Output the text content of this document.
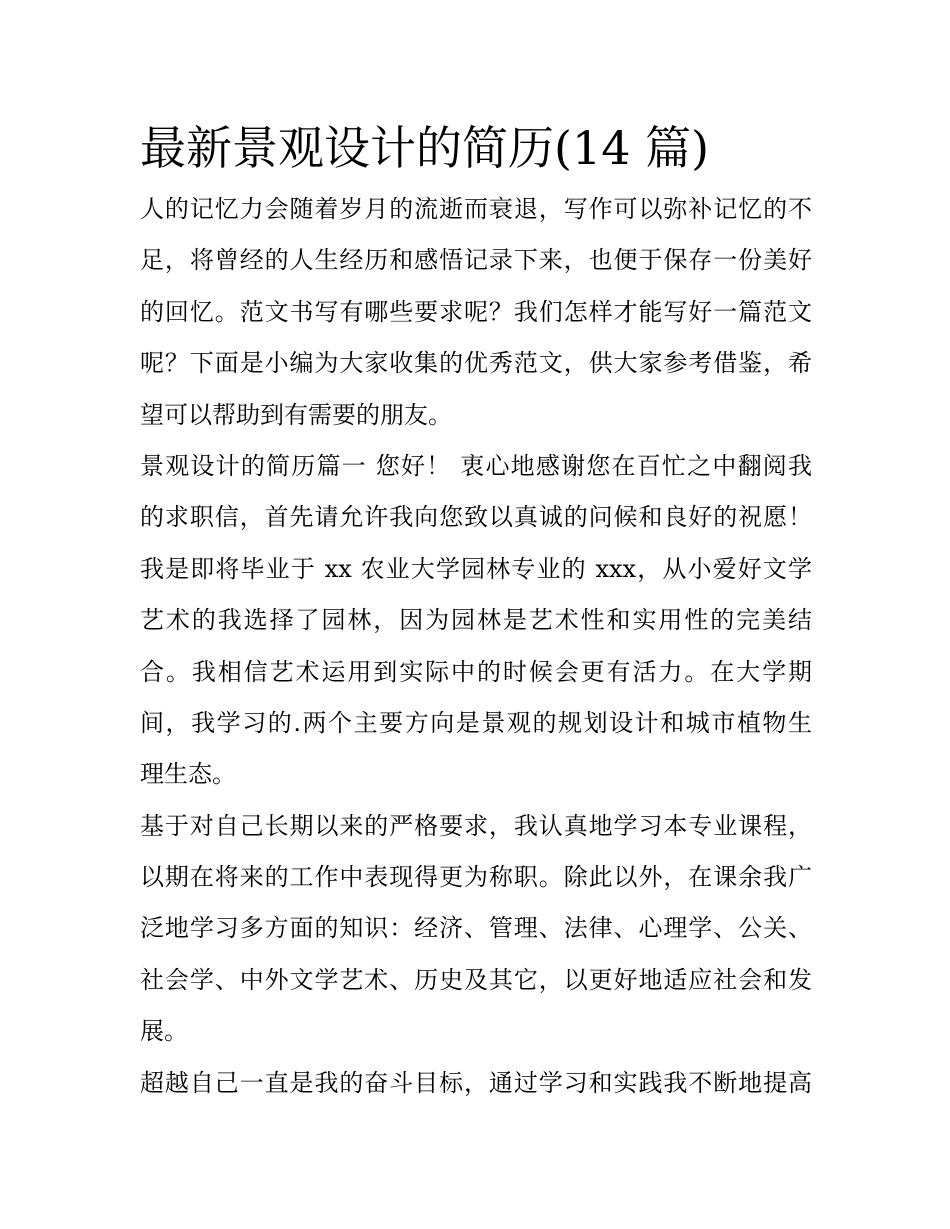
最新景观设计的简历(14 篇)
人的记忆力会随着岁月的流逝而衰退，写作可以弥补记忆的不
足，将曾经的人生经历和感悟记录下来，也便于保存一份美好
的回忆。范文书写有哪些要求呢？我们怎样才能写好一篇范文
呢？下面是小编为大家收集的优秀范文，供大家参考借鉴，希
望可以帮助到有需要的朋友。
景观设计的简历篇一 您好！ 衷心地感谢您在百忙之中翻阅我
的求职信，首先请允许我向您致以真诚的问候和良好的祝愿！
我是即将毕业于 xx 农业大学园林专业的 xxx，从小爱好文学
艺术的我选择了园林，因为园林是艺术性和实用性的完美结
合。我相信艺术运用到实际中的时候会更有活力。在大学期
间，我学习的.两个主要方向是景观的规划设计和城市植物生
理生态。
基于对自己长期以来的严格要求，我认真地学习本专业课程，
以期在将来的工作中表现得更为称职。除此以外，在课余我广
泛地学习多方面的知识：经济、管理、法律、心理学、公关、
社会学、中外文学艺术、历史及其它，以更好地适应社会和发
展。
超越自己一直是我的奋斗目标，通过学习和实践我不断地提高
